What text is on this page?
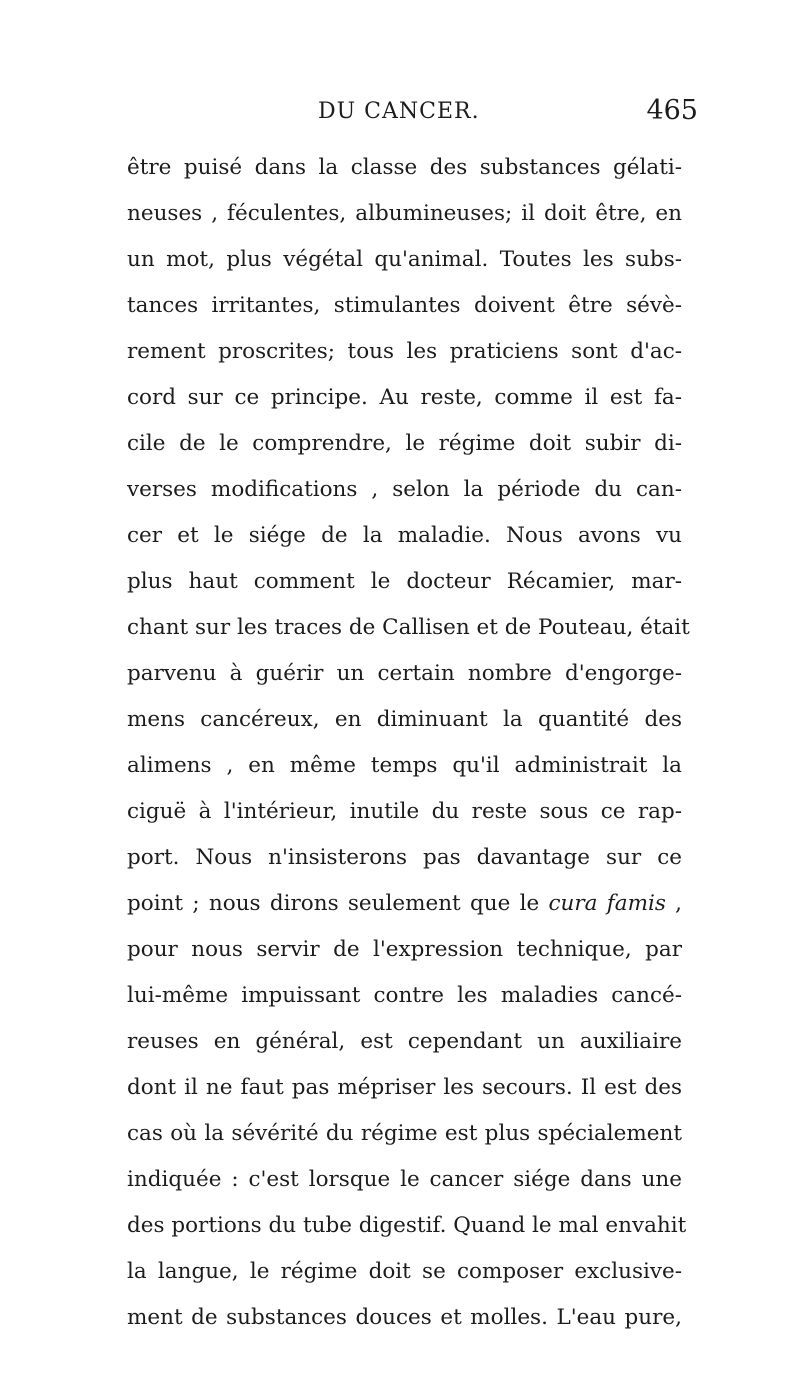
DU CANCER.	465
être puisé dans la classe des substances gélati-
neuses , féculentes, albumineuses; il doit être, en
un mot, plus végétal qu'animal. Toutes les subs-
tances irritantes, stimulantes doivent être sévè-
rement proscrites; tous les praticiens sont d'ac-
cord sur ce principe. Au reste, comme il est fa-
cile de le comprendre, le régime doit subir di-
verses modifications , selon la période du can-
cer et le siége de la maladie. Nous avons vu
plus haut comment le docteur Récamier, mar-
chant sur les traces de Callisen et de Pouteau, était
parvenu à guérir un certain nombre d'engorge-
mens cancéreux, en diminuant la quantité des
alimens , en même temps qu'il administrait la
ciguë à l'intérieur, inutile du reste sous ce rap-
port. Nous n'insisterons pas davantage sur ce
point ; nous dirons seulement que le cura famis ,
pour nous servir de l'expression technique, par
lui-même impuissant contre les maladies cancé-
reuses en général, est cependant un auxiliaire
dont il ne faut pas mépriser les secours. Il est des
cas où la sévérité du régime est plus spécialement
indiquée : c'est lorsque le cancer siége dans une
des portions du tube digestif. Quand le mal envahit
la langue, le régime doit se composer exclusive-
ment de substances douces et molles. L'eau pure,
